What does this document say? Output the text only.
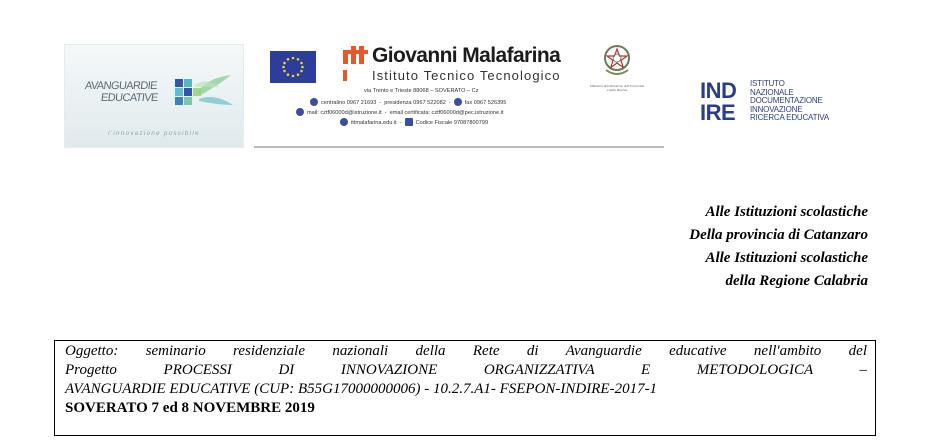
AVANGUARDIE
EDUCATIVE
l'innovazione possibile
Giovanni Malafarina
Istituto Tecnico Tecnologico
Ministero dell'Istruzione dell'Università e della Ricerca
via Trento e Trieste 88068 – SOVERATO – Cz
centralino 0967 21693 - presidenza 0967 522082 -	fax 0967 526395
mail: cztf06000d@istruzione.it - email certificata: cztf06000d@pec.istruzione.it
ittmalafarina.edu.it -	Codice Fiscale 97087800799
IND
IRE
ISTITUTO
NAZIONALE
DOCUMENTAZIONE
INNOVAZIONE
RICERCA EDUCATIVA
Alle Istituzioni scolastiche
Della provincia di Catanzaro
Alle Istituzioni scolastiche
della Regione Calabria
Oggetto: seminario residenziale nazionali della Rete di Avanguardie educative nell'ambito del
Progetto PROCESSI DI INNOVAZIONE ORGANIZZATIVA E METODOLOGICA –
AVANGUARDIE EDUCATIVE (CUP: B55G17000000006) - 10.2.7.A1- FSEPON-INDIRE-2017-1
SOVERATO 7 ed 8 NOVEMBRE 2019
